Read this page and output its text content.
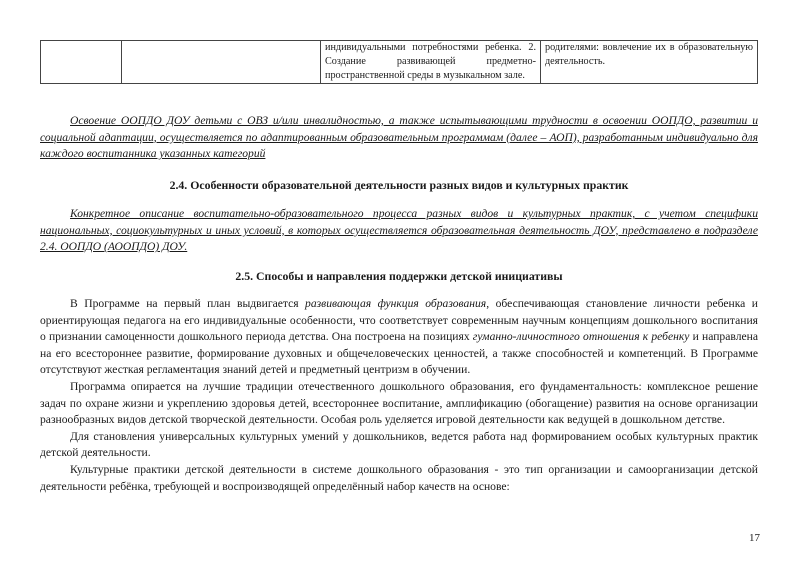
		индивидуальными потребностями ребенка. 2. Создание развивающей предметно-пространственной среды в музыкальном зале.	родителями: вовлечение их в образовательную деятельность.
Освоение ООПДО ДОУ детьми с ОВЗ и/или инвалидностью, а также испытывающими трудности в освоении ООПДО, развитии и социальной адаптации, осуществляется по адаптированным образовательным программам (далее – АОП), разработанным индивидуально для каждого воспитанника указанных категорий
2.4. Особенности образовательной деятельности разных видов и культурных практик
Конкретное описание воспитательно-образовательного процесса разных видов и культурных практик, с учетом специфики национальных, социокультурных и иных условий, в которых осуществляется образовательная деятельность ДОУ, представлено в подразделе 2.4. ООПДО (АООПДО) ДОУ.
2.5. Способы и направления поддержки детской инициативы

В Программе на первый план выдвигается развивающая функция образования, обеспечивающая становление личности ребенка и ориентирующая педагога на его индивидуальные особенности, что соответствует современным научным концепциям дошкольного воспитания о признании самоценности дошкольного периода детства. Она построена на позициях гуманно-личностного отношения к ребенку и направлена на его всестороннее развитие, формирование духовных и общечеловеческих ценностей, а также способностей и компетенций. В Программе отсутствуют жесткая регламентация знаний детей и предметный центризм в обучении.

Программа опирается на лучшие традиции отечественного дошкольного образования, его фундаментальность: комплексное решение задач по охране жизни и укреплению здоровья детей, всестороннее воспитание, амплификацию (обогащение) развития на основе организации разнообразных видов детской творческой деятельности. Особая роль уделяется игровой деятельности как ведущей в дошкольном детстве.

Для становления универсальных культурных умений у дошкольников, ведется работа над формированием особых культурных практик детской деятельности.

Культурные практики детской деятельности в системе дошкольного образования - это тип организации и самоорганизации детской деятельности ребёнка, требующей и воспроизводящей определённый набор качеств на основе:

17
